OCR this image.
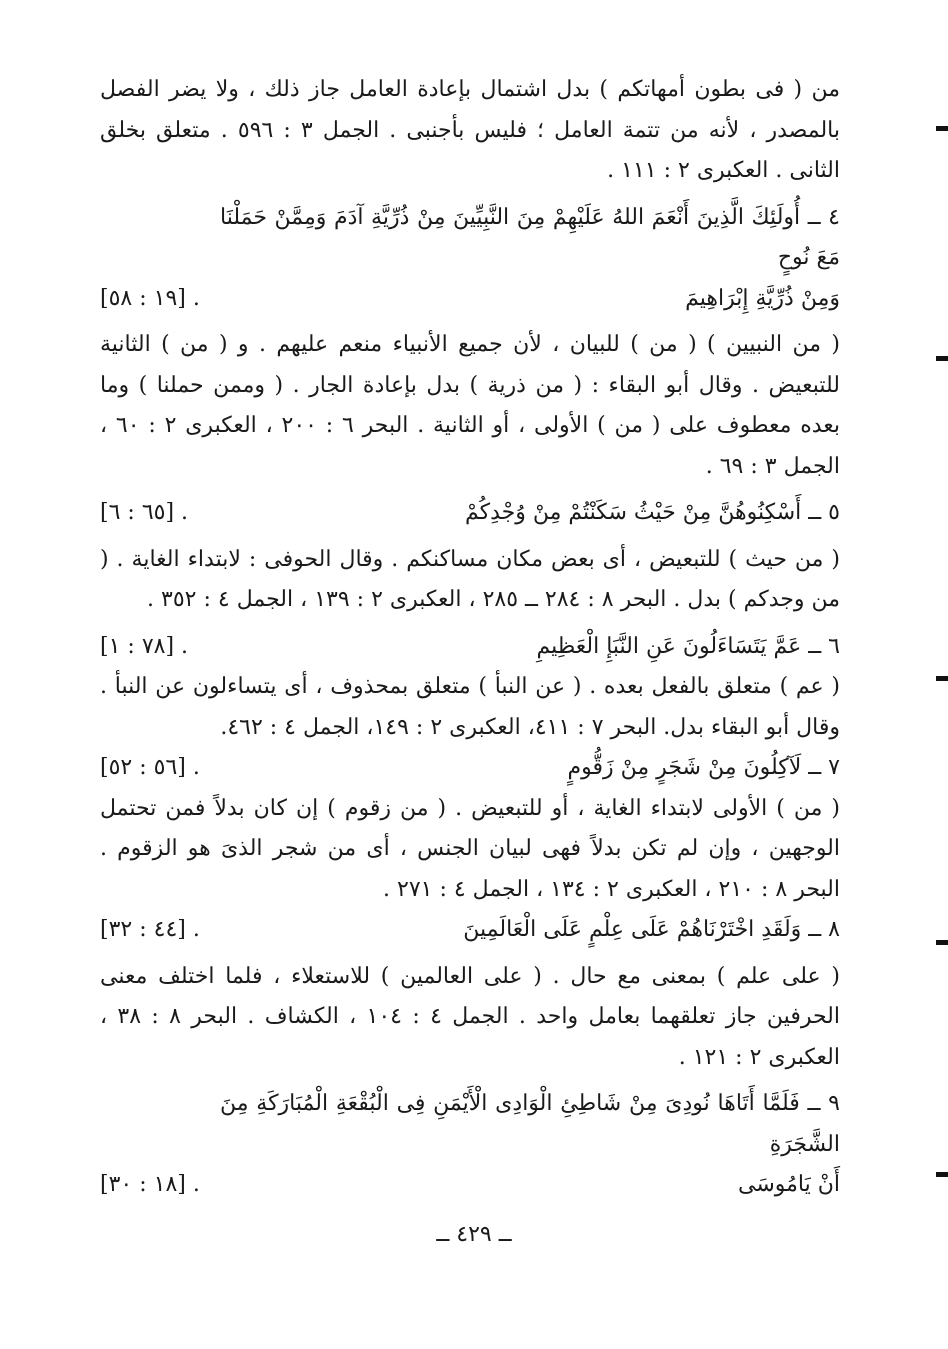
من ( فى بطون أمهاتكم ) بدل اشتمال بإعادة العامل جاز ذلك ، ولا يضر الفصل بالمصدر ، لأنه من تتمة العامل ؛ فليس بأجنبى . الجمل ٣ : ٥٩٦ . متعلق بخلق الثانى . العكبرى ٢ : ١١١ .

٤ ــ أُولَئِكَ الَّذِينَ أَنْعَمَ اللهُ عَلَيْهِمْ مِنَ النَّبِيِّينَ مِنْ ذُرِّيَّةِ آدَمَ وَمِمَّنْ حَمَلْنَا مَعَ نُوحٍ
وَمِنْ ذُرِّيَّةِ إِبْرَاهِيمَ
[١٩ : ٥٨] .

( من النبيين ) ( من ) للبيان ، لأن جميع الأنبياء منعم عليهم . و ( من ) الثانية للتبعيض . وقال أبو البقاء : ( من ذرية ) بدل بإعادة الجار . ( وممن حملنا ) وما بعده معطوف على ( من ) الأولى ، أو الثانية . البحر ٦ : ٢٠٠ ، العكبرى ٢ : ٦٠ ، الجمل ٣ : ٦٩ .

٥ ــ أَسْكِنُوهُنَّ مِنْ حَيْثُ سَكَنْتُمْ مِنْ وُجْدِكُمْ
[٦٥ : ٦] .

( من حيث ) للتبعيض ، أى بعض مكان مساكنكم . وقال الحوفى : لابتداء الغاية . ( من وجدكم ) بدل . البحر ٨ : ٢٨٤ ــ ٢٨٥ ، العكبرى ٢ : ١٣٩ ، الجمل ٤ : ٣٥٢ .

٦ ــ عَمَّ يَتَسَاءَلُونَ عَنِ النَّبَإِ الْعَظِيمِ
[٧٨ : ١] .

( عم ) متعلق بالفعل بعده . ( عن النبأ ) متعلق بمحذوف ، أى يتساءلون عن النبأ . وقال أبو البقاء بدل. البحر ٧ : ٤١١، العكبرى ٢ : ١٤٩، الجمل ٤ : ٤٦٢.

٧ ــ لَآكِلُونَ مِنْ شَجَرٍ مِنْ زَقُّومٍ
[٥٦ : ٥٢] .

( من ) الأولى لابتداء الغاية ، أو للتبعيض . ( من زقوم ) إن كان بدلاً فمن تحتمل الوجهين ، وإن لم تكن بدلاً فهى لبيان الجنس ، أى من شجر الذىَ هو الزقوم . البحر ٨ : ٢١٠ ، العكبرى ٢ : ١٣٤ ، الجمل ٤ : ٢٧١ .

٨ ــ وَلَقَدِ اخْتَرْنَاهُمْ عَلَى عِلْمٍ عَلَى الْعَالَمِينَ
[٤٤ : ٣٢] .

( على علم ) بمعنى مع حال . ( على العالمين ) للاستعلاء ، فلما اختلف معنى الحرفين جاز تعلقهما بعامل واحد . الجمل ٤ : ١٠٤ ، الكشاف . البحر ٨ : ٣٨ ، العكبرى ٢ : ١٢١ .

٩ ــ فَلَمَّا أَتَاهَا نُودِىَ مِنْ شَاطِئِ الْوَادِى الْأَيْمَنِ فِى الْبُقْعَةِ الْمُبَارَكَةِ مِنَ الشَّجَرَةِ
أَنْ يَامُوسَى
[١٨ : ٣٠] .
ــ ٤٢٩ ــ
